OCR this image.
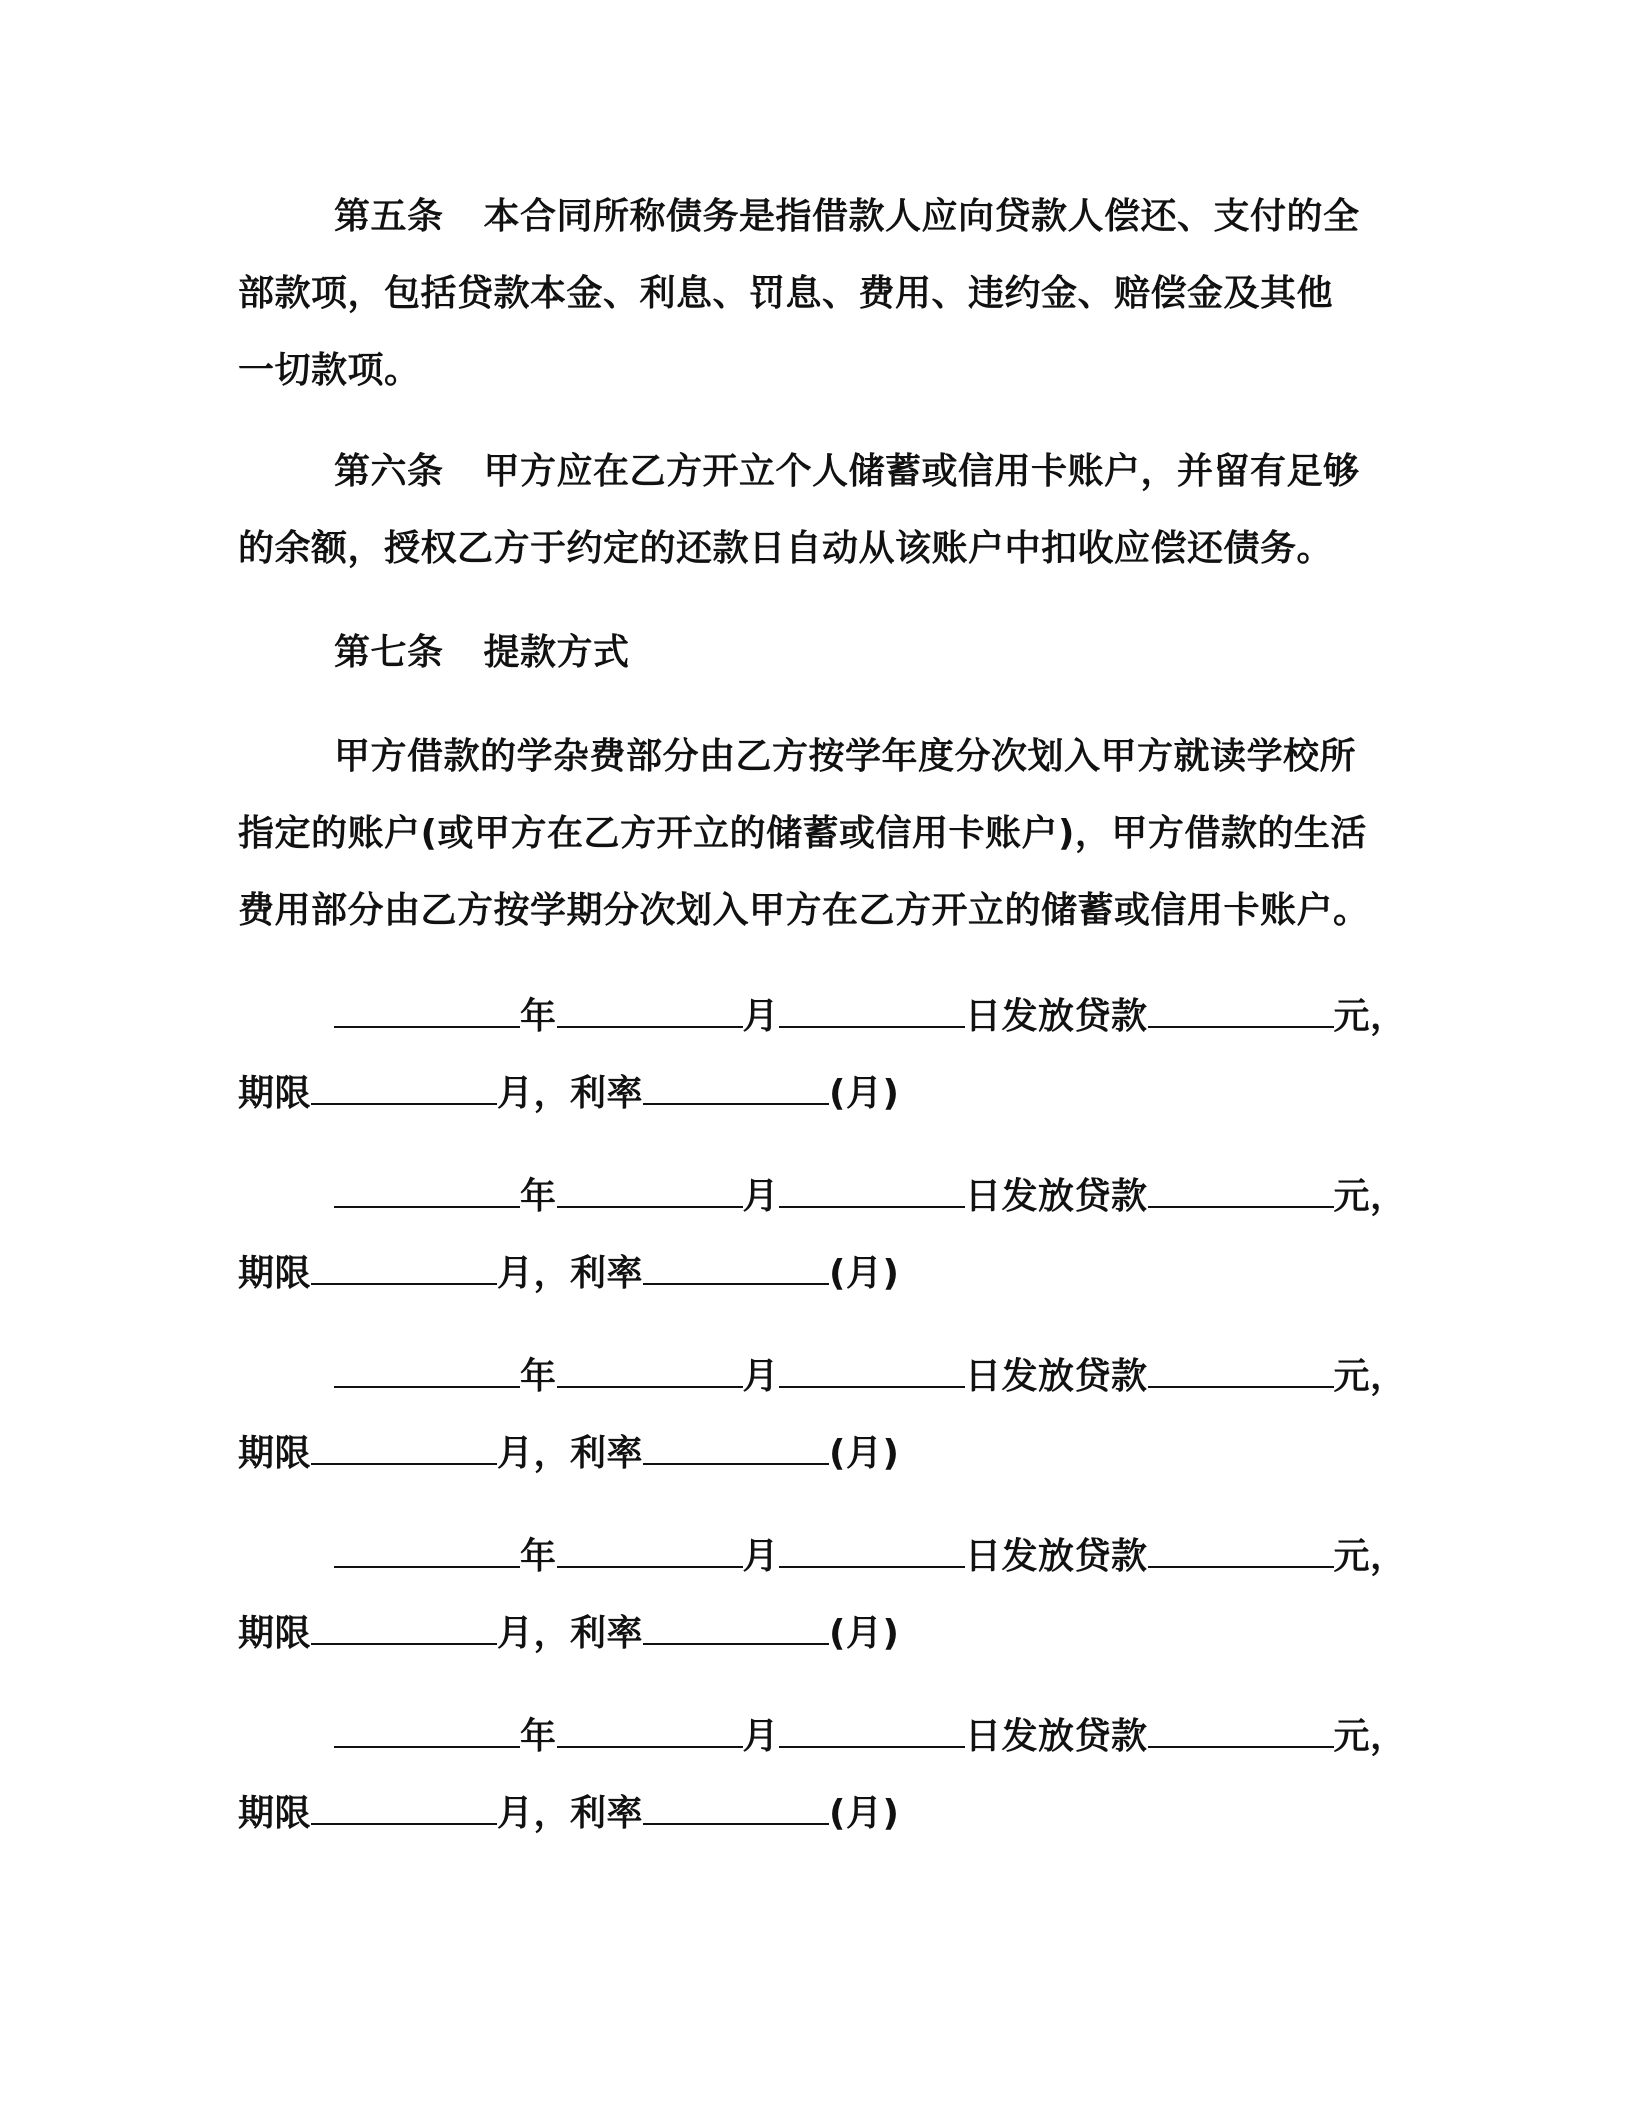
第五条 本合同所称债务是指借款人应向贷款人偿还、支付的全
部款项，包括贷款本金、利息、罚息、费用、违约金、赔偿金及其他
一切款项。
第六条 甲方应在乙方开立个人储蓄或信用卡账户，并留有足够
的余额，授权乙方于约定的还款日自动从该账户中扣收应偿还债务。
第七条 提款方式
甲方借款的学杂费部分由乙方按学年度分次划入甲方就读学校所
指定的账户(或甲方在乙方开立的储蓄或信用卡账户)，甲方借款的生活
费用部分由乙方按学期分次划入甲方在乙方开立的储蓄或信用卡账户。
年	月	日发放贷款	元，
期限	月，利率	(月)
年	月	日发放贷款	元，
期限	月，利率	(月)
年	月	日发放贷款	元，
期限	月，利率	(月)
年	月	日发放贷款	元，
期限	月，利率	(月)
年	月	日发放贷款	元，
期限	月，利率	(月)
